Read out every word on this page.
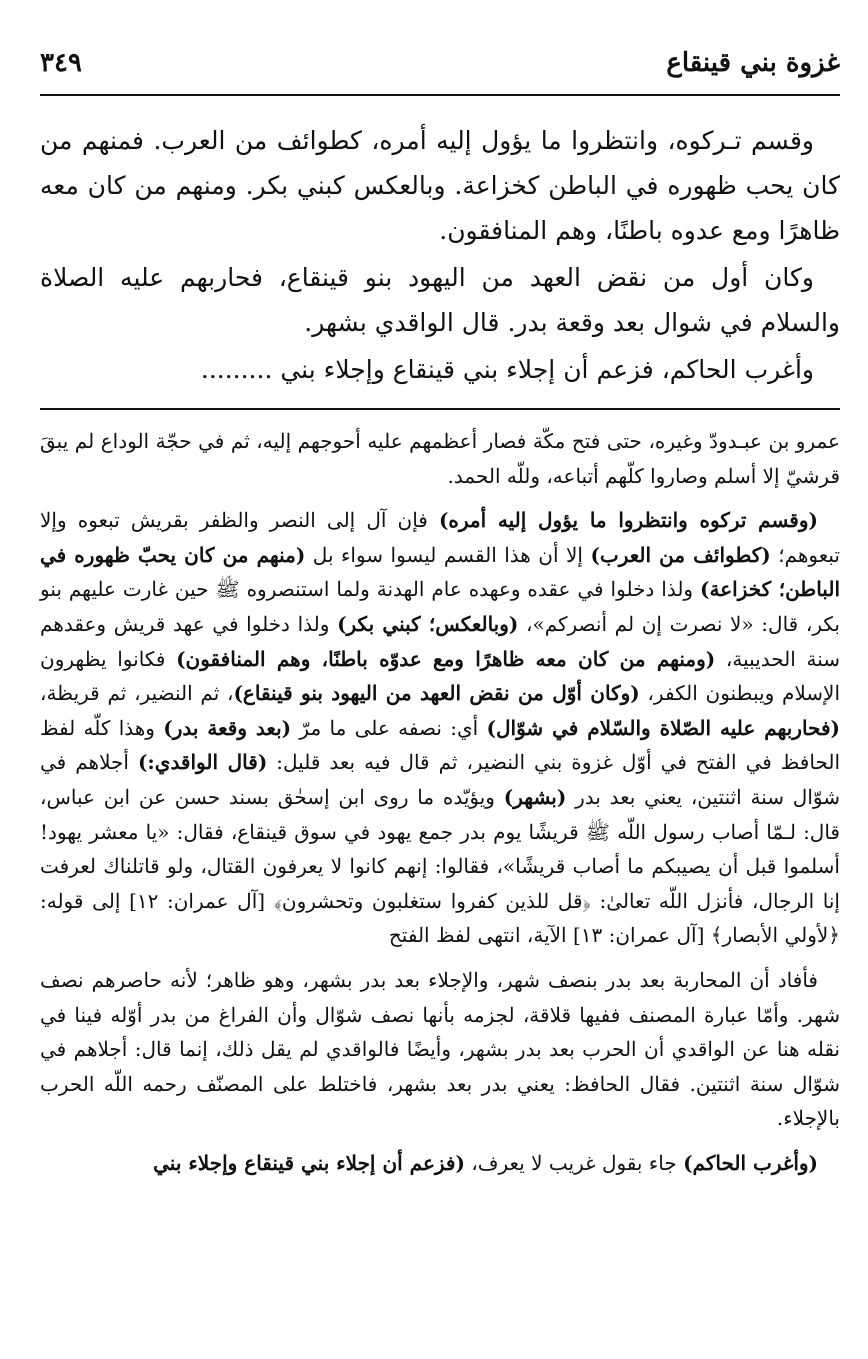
غزوة بني قينقاع
٣٤٩

وقسم تـركوه، وانتظروا ما يؤول إليه أمره، كطوائف من العرب. فمنهم من كان يحب ظهوره في الباطن كخزاعة. وبالعكس كبني بكر. ومنهم من كان معه ظاهرًا ومع عدوه باطنًا، وهم المنافقون.

وكان أول من نقض العهد من اليهود بنو قينقاع، فحاربهم عليه الصلاة والسلام في شوال بعد وقعة بدر. قال الواقدي بشهر.

وأغرب الحاكم، فزعم أن إجلاء بني قينقاع وإجلاء بني .........

عمرو بن عبـدودّ وغيره، حتى فتح مكّة فصار أعظمهم عليه أحوجهم إليه، ثم في حجّة الوداع لم يبقَ قرشيّ إلا أسلم وصاروا كلّهم أتباعه، وللّه الحمد.

(وقسم تركوه وانتظروا ما يؤول إليه أمره) فإن آل إلى النصر والظفر بقريش تبعوه وإلا تبعوهم؛ (كطوائف من العرب) إلا أن هذا القسم ليسوا سواء بل (منهم من كان يحبّ ظهوره في الباطن؛ كخزاعة) ولذا دخلوا في عقده وعهده عام الهدنة ولما استنصروه ﷺ حين غارت عليهم بنو بكر، قال: «لا نصرت إن لم أنصركم»، (وبالعكس؛ كبني بكر) ولذا دخلوا في عهد قريش وعقدهم سنة الحديبية، (ومنهم من كان معه ظاهرًا ومع عدوّه باطنًا، وهم المنافقون) فكانوا يظهرون الإسلام ويبطنون الكفر، (وكان أوّل من نقض العهد من اليهود بنو قينقاع)، ثم النضير، ثم قريظة، (فحاربهم عليه الصّلاة والسّلام في شوّال) أي: نصفه على ما مرّ (بعد وقعة بدر) وهذا كلّه لفظ الحافظ في الفتح في أوّل غزوة بني النضير، ثم قال فيه بعد قليل: (قال الواقدي:) أجلاهم في شوّال سنة اثنتين، يعني بعد بدر (بشهر) ويؤيّده ما روى ابن إسحٰق بسند حسن عن ابن عباس، قال: لـمّا أصاب رسول اللّه ﷺ قريشًا يوم بدر جمع يهود في سوق قينقاع، فقال: «يا معشر يهود! أسلموا قبل أن يصيبكم ما أصاب قريشًا»، فقالوا: إنهم كانوا لا يعرفون القتال، ولو قاتلناك لعرفت إنا الرجال، فأنزل اللّه تعالىٰ: ﴿قل للذين كفروا ستغلبون وتحشرون﴾ [آل عمران: ١٢] إلى قوله: ﴿لأولي الأبصار﴾ [آل عمران: ١٣] الآية، انتهى لفظ الفتح

فأفاد أن المحاربة بعد بدر بنصف شهر، والإجلاء بعد بدر بشهر، وهو ظاهر؛ لأنه حاصرهم نصف شهر. وأمّا عبارة المصنف ففيها قلاقة، لجزمه بأنها نصف شوّال وأن الفراغ من بدر أوّله فينا في نقله هنا عن الواقدي أن الحرب بعد بدر بشهر، وأيضًا فالواقدي لم يقل ذلك، إنما قال: أجلاهم في شوّال سنة اثنتين. فقال الحافظ: يعني بدر بعد بشهر، فاختلط على المصنّف رحمه اللّه الحرب بالإجلاء.

(وأغرب الحاكم) جاء بقول غريب لا يعرف، (فزعم أن إجلاء بني قينقاع وإجلاء بني
